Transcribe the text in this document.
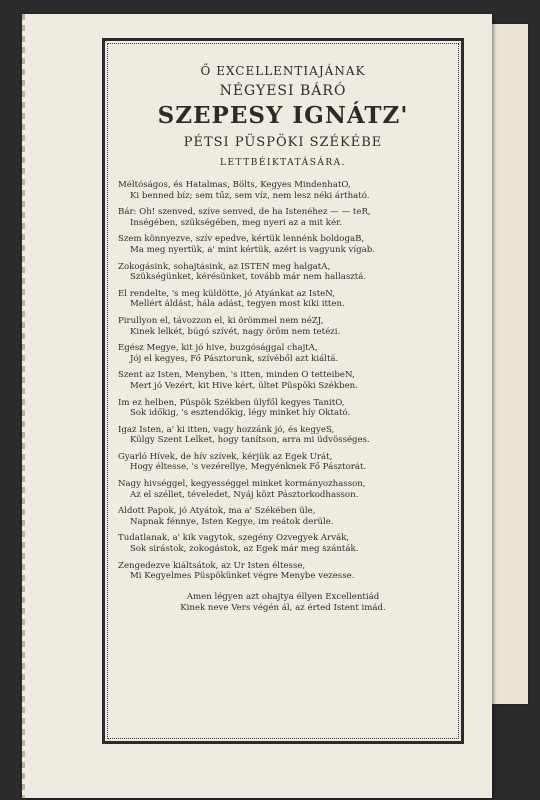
Ő EXCELLENTIAJÁNAK
NÉGYESI BÁRÓ
SZEPESY IGNÁTZ'
PÉTSI PÜSPÖKI SZÉKÉBE
LETTBÉIKTATÁSÁRA.
Méltóságos, és Hatalmas, Bölts, Kegyes MindenhatÓ,
Ki benned bíz; sem tűz, sem víz, nem lesz néki ártható.
Bár: Oh! szenved, szíve senved, de ha Istenéhez — — teR,
Inségében, szükségében, meg nyeri az a mit kér.
Szem könnyezve, szív epedve, kértük lennénk boldogaB,
Ma meg nyertük, a' mint kértük, azért is vagyunk vígab.
Zokogásink, sohajtásink, az ISTEN meg halgatÁ,
Szükségünket, kérésünket, tovább már nem hallasztá.
El rendelte, 's meg küldötte, jó Atyánkat az IsteN,
Mellért áldást, hála adást, tegyen most kiki itten.
Pirullyon el, távozzon el, ki örömmel nem néZJ,
Kinek lelkét, búgó szívét, nagy öröm nem tetézi.
Egész Megye, kit jó hive, buzgósággal chajtÁ,
Jój el kegyes, Fő Pásztorunk, szívéből azt kiáltá.
Szent az Isten, Menyben, 's itten, minden Ő tetteibeN,
Mert jó Vezért, kit Hive kért, ültet Püspöki Székben.
Im ez helben, Püspök Székben ülyfől kegyes TanitÓ,
Sok időkig, 's esztendőkig, légy minket híy Oktató.
Igaz Isten, a' ki itten, vagy hozzánk jó, és kegyeS,
Külgy Szent Lelket, hogy tanítson, arra mi üdvösséges.
Gyarló Hívek, de hív szívek, kérjük az Egek Urát,
Hogy éltesse, 's vezérellye, Megyénknek Fő Pásztorát.
Nagy hivséggel, kegyességgel minket kormányozhasson,
Az el széllet, téveledet, Nyáj közt Pásztorkodhasson.
Áldott Papok, jó Atyátok, ma a' Székében üle,
Napnak fénnye, Isten Kegye, im reátok derüle.
Tudatlanak, a' kik vagytok, szegény Özvegyek Árvák,
Sok sirástok, zokogástok, az Egek már meg szánták.
Zengedezve kiáltsátok, az Úr Isten éltesse,
Mi Kegyelmes Püspökünket végre Menybe vezesse.
Amen légyen azt ohajtya éllyen Excellentiád
Kinek neve Vers végén ál, az érted Istent imád.
